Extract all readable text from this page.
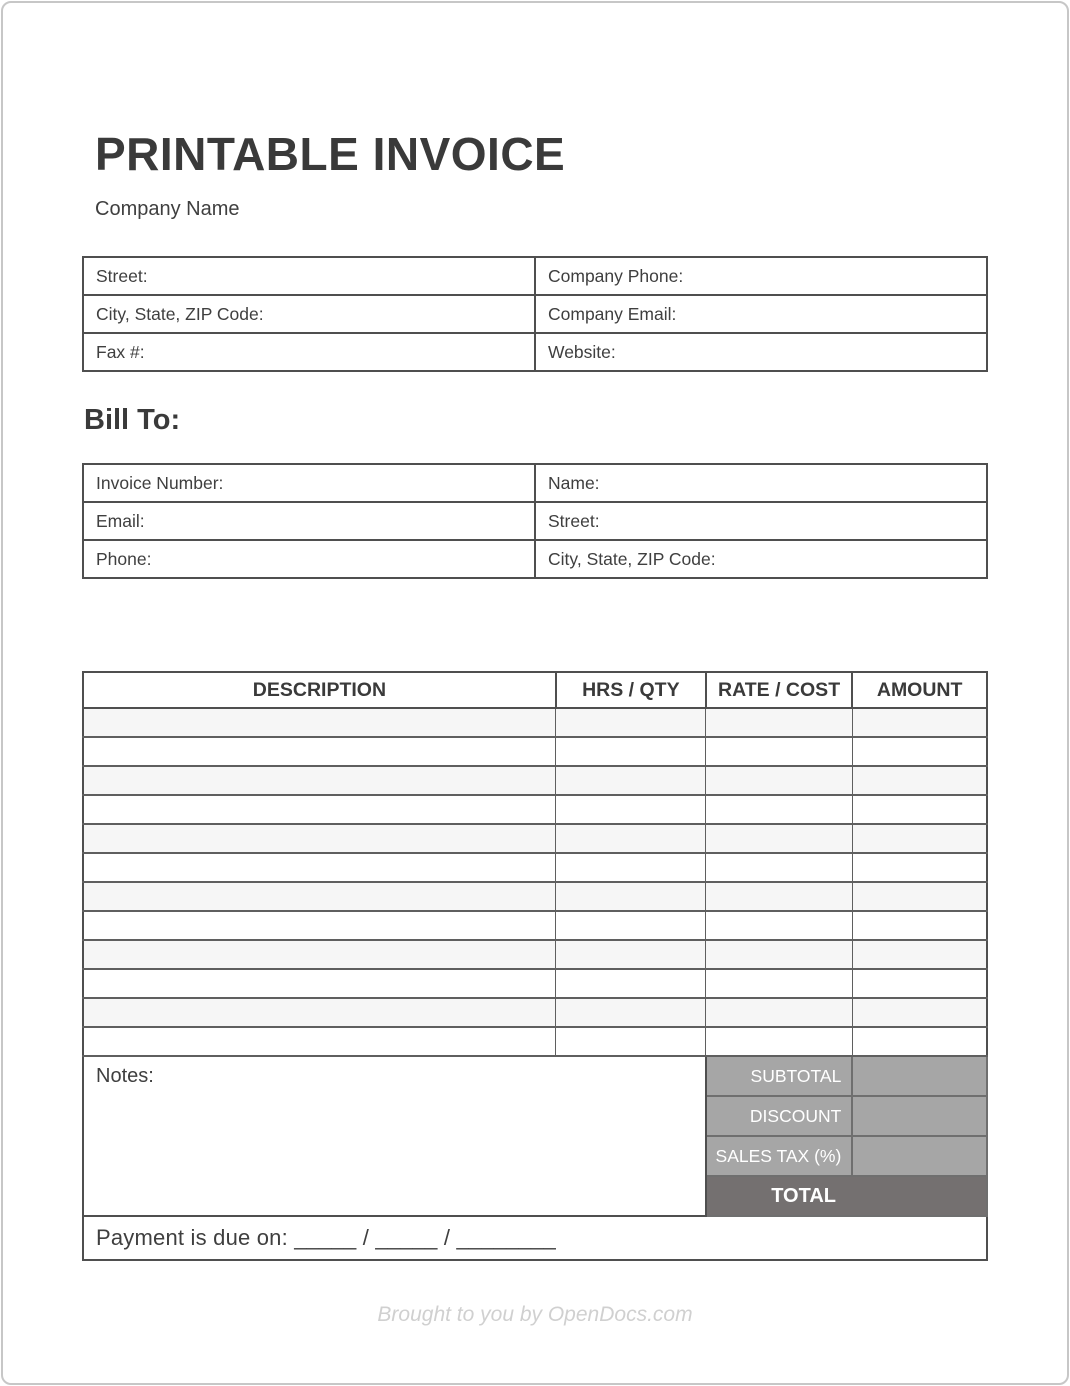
PRINTABLE INVOICE

Company Name

Street:	Company Phone:
City, State, ZIP Code:	Company Email:
Fax #:	Website:
Bill To:
Invoice Number:	Name:
Email:	Street:
Phone:	City, State, ZIP Code:
DESCRIPTION	HRS / QTY	RATE / COST	AMOUNT

Notes:		SUBTOTAL	
		DISCOUNT	
		SALES TAX (%)	
		TOTAL	
Payment is due on: _____ / _____ / ________			
Brought to you by OpenDocs.com
